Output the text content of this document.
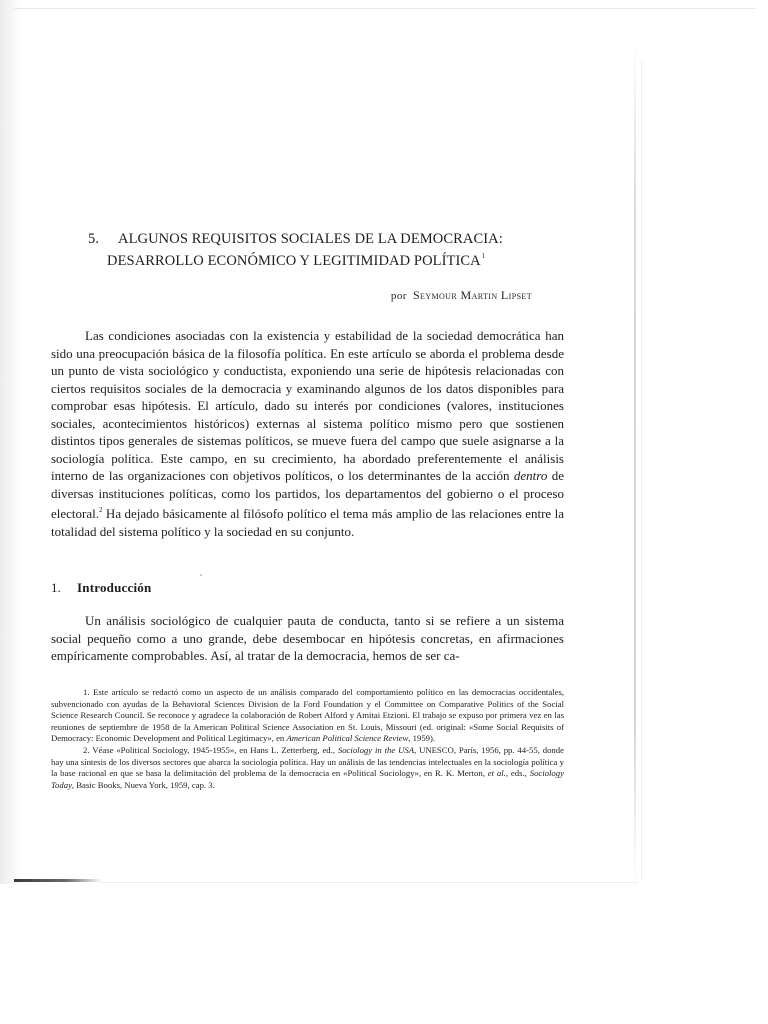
5. ALGUNOS REQUISITOS SOCIALES DE LA DEMOCRACIA:
DESARROLLO ECONÓMICO Y LEGITIMIDAD POLÍTICA$^1$
por Seymour Martin Lipset

Las condiciones asociadas con la existencia y estabilidad de la sociedad democrática han sido una preocupación básica de la filosofía política. En este artículo se aborda el problema desde un punto de vista sociológico y conductista, exponiendo una serie de hipótesis relacionadas con ciertos requisitos sociales de la democracia y examinando algunos de los datos disponibles para comprobar esas hipótesis. El artículo, dado su interés por condiciones (valores, instituciones sociales, acontecimientos históricos) externas al sistema político mismo pero que sostienen distintos tipos generales de sistemas políticos, se mueve fuera del campo que suele asignarse a la sociología política. Este campo, en su crecimiento, ha abordado preferentemente el análisis interno de las organizaciones con objetivos políticos, o los determinantes de la acción dentro de diversas instituciones políticas, como los partidos, los departamentos del gobierno o el proceso electoral.$^2$ Ha dejado básicamente al filósofo político el tema más amplio de las relaciones entre la totalidad del sistema político y la sociedad en su conjunto.

1. Introducción

Un análisis sociológico de cualquier pauta de conducta, tanto si se refiere a un sistema social pequeño como a uno grande, debe desembocar en hipótesis concretas, en afirmaciones empíricamente comprobables. Así, al tratar de la democracia, hemos de ser ca-

1. Este artículo se redactó como un aspecto de un análisis comparado del comportamiento político en las democracias occidentales, subvencionado con ayudas de la Behavioral Sciences Division de la Ford Foundation y el Committee on Comparative Politics of the Social Science Research Council. Se reconoce y agradece la colaboración de Robert Alford y Amitai Etzioni. El trabajo se expuso por primera vez en las reuniones de septiembre de 1958 de la American Political Science Association en St. Louis, Missouri (ed. original: «Some Social Requisits of Democracy: Economic Development and Political Legitimacy», en American Political Science Review, 1959).

2. Véase «Political Sociology, 1945-1955», en Hans L. Zetterberg, ed., Sociology in the USA, UNESCO, París, 1956, pp. 44-55, donde hay una síntesis de los diversos sectores que abarca la sociología política. Hay un análisis de las tendencias intelectuales en la sociología política y la base racional en que se basa la delimitación del problema de la democracia en «Political Sociology», en R. K. Merton, et al., eds., Sociology Today, Basic Books, Nueva York, 1959, cap. 3.
